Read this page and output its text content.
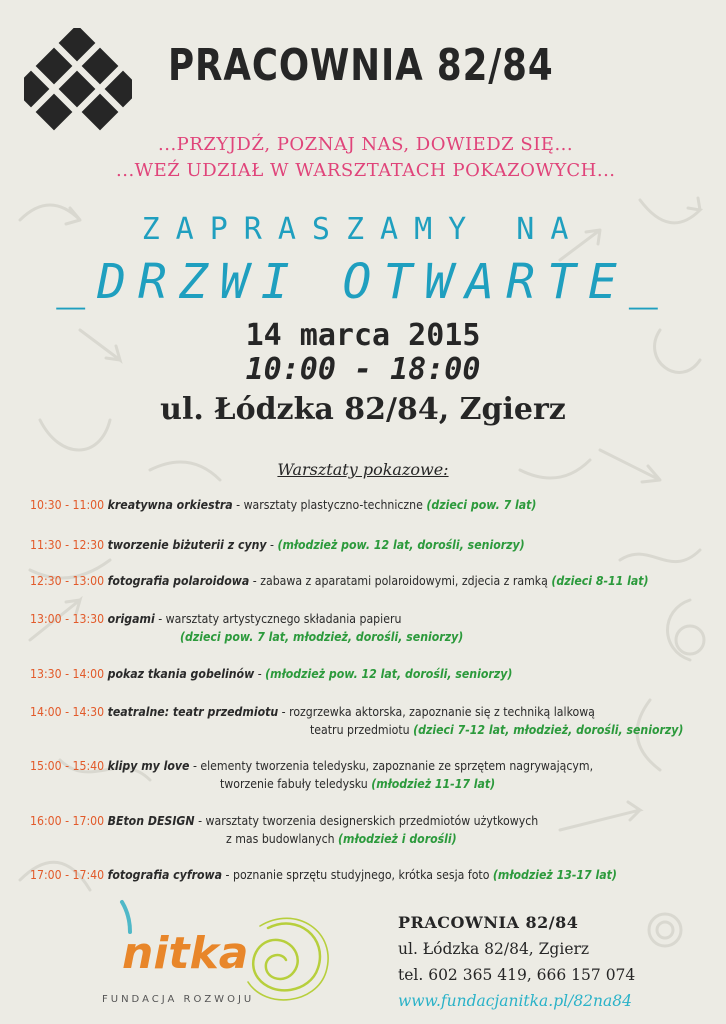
PRACOWNIA 82/84
...PRZYJDŹ, POZNAJ NAS, DOWIEDZ SIĘ...
...WEŹ UDZIAŁ W WARSZTATACH POKAZOWYCH...
ZAPRASZAMY NA
_DRZWI OTWARTE_
14 marca 2015
10:00 - 18:00
ul. Łódzka 82/84, Zgierz
Warsztaty pokazowe:
10:30 - 11:00 kreatywna orkiestra - warsztaty plastyczno-techniczne (dzieci pow. 7 lat)
11:30 - 12:30 tworzenie biżuterii z cyny - (młodzież pow. 12 lat, dorośli, seniorzy)
12:30 - 13:00 fotografia polaroidowa - zabawa z aparatami polaroidowymi, zdjecia z ramką (dzieci 8-11 lat)
13:00 - 13:30 origami - warsztaty artystycznego składania papieru
(dzieci pow. 7 lat, młodzież, dorośli, seniorzy)
13:30 - 14:00 pokaz tkania gobelinów - (młodzież pow. 12 lat, dorośli, seniorzy)
14:00 - 14:30 teatralne: teatr przedmiotu - rozgrzewka aktorska, zapoznanie się z techniką lalkową
teatru przedmiotu (dzieci 7-12 lat, młodzież, dorośli, seniorzy)
15:00 - 15:40 klipy my love - elementy tworzenia teledysku, zapoznanie ze sprzętem nagrywającym,
tworzenie fabuły teledysku (młodzież 11-17 lat)
16:00 - 17:00 BEton DESIGN - warsztaty tworzenia designerskich przedmiotów użytkowych
z mas budowlanych (młodzież i dorośli)
17:00 - 17:40 fotografia cyfrowa - poznanie sprzętu studyjnego, krótka sesja foto (młodzież 13-17 lat)
nitka
FUNDACJA ROZWOJU
PRACOWNIA 82/84
ul. Łódzka 82/84, Zgierz
tel. 602 365 419, 666 157 074
www.fundacjanitka.pl/82na84
